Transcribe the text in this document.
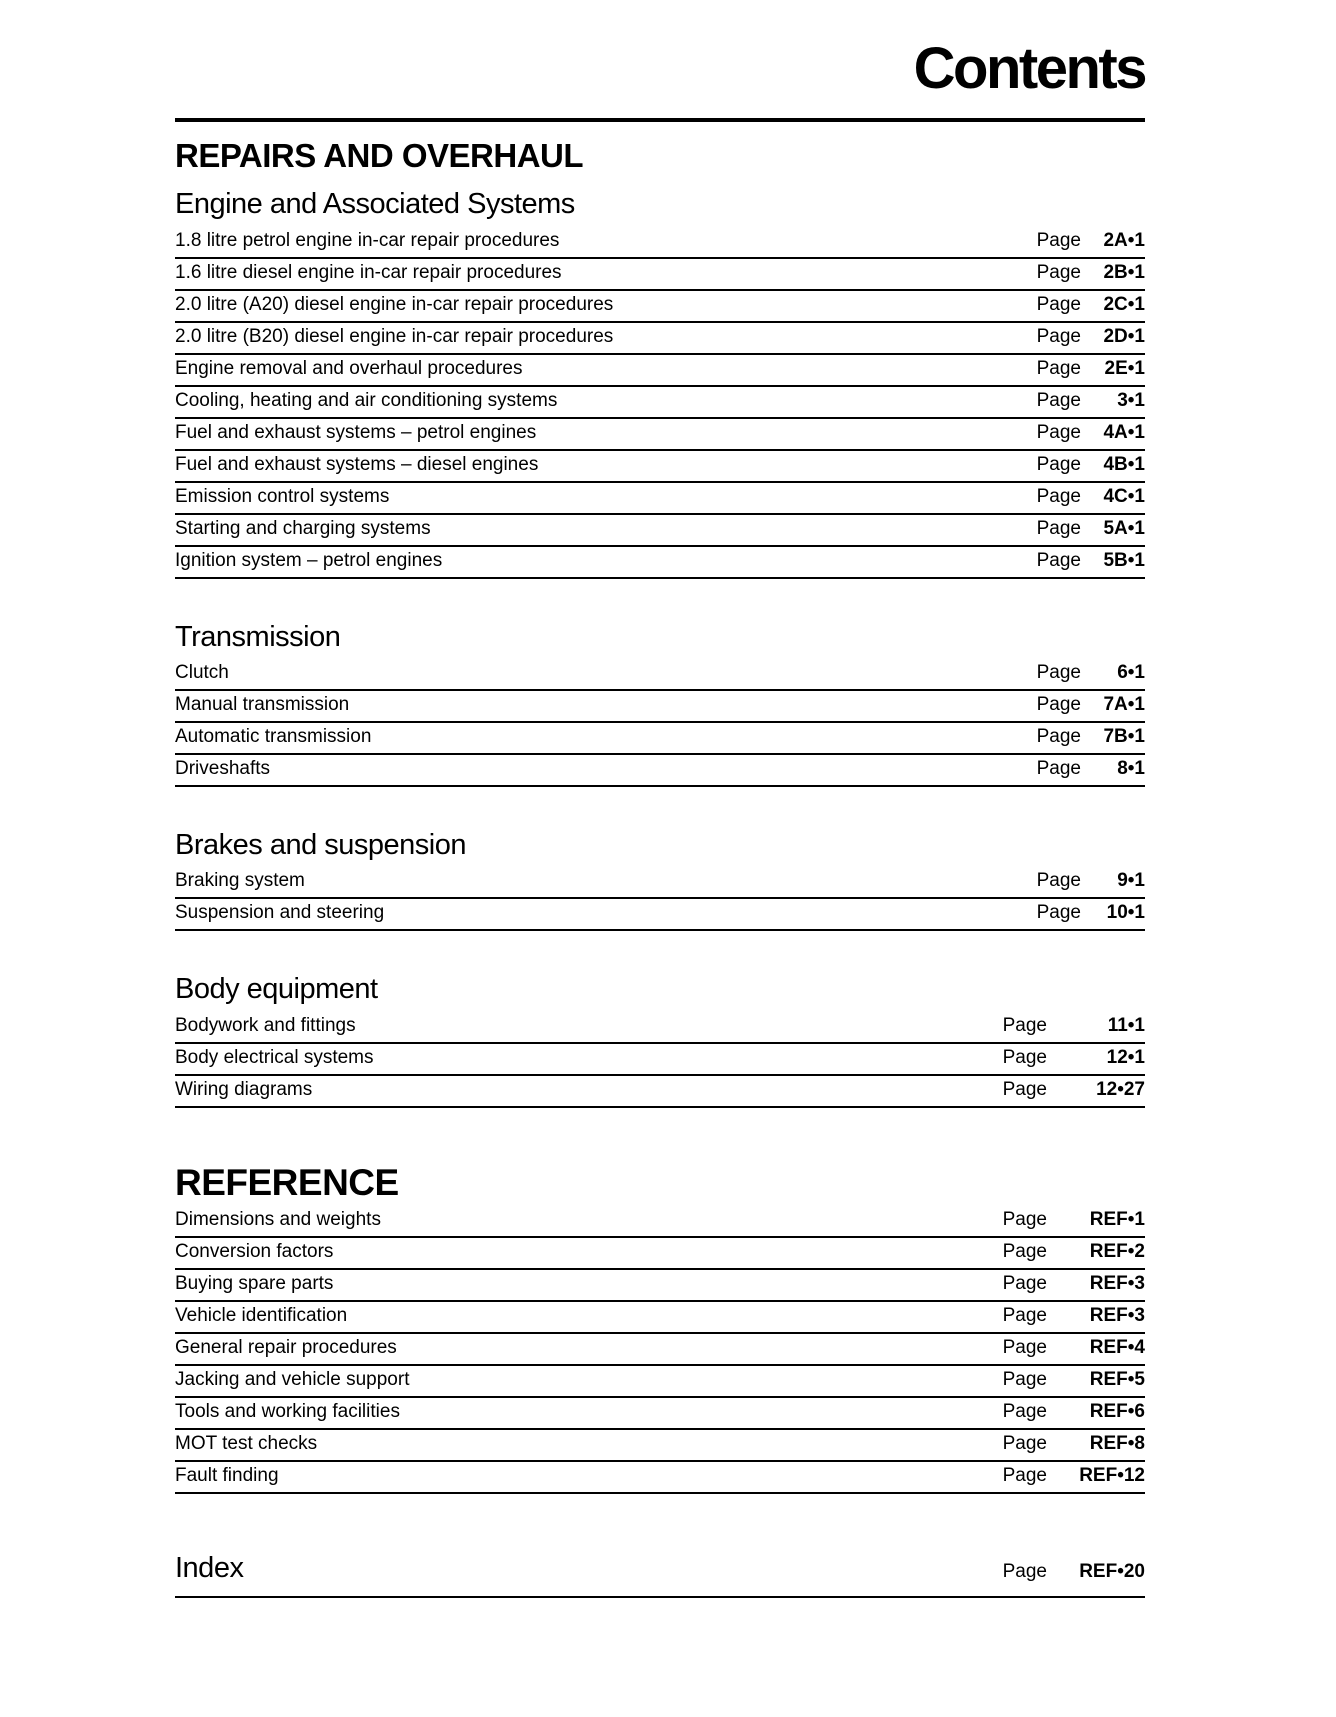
Contents
REPAIRS AND OVERHAUL
Engine and Associated Systems
1.8 litre petrol engine in-car repair procedures	Page	2A•1
1.6 litre diesel engine in-car repair procedures	Page	2B•1
2.0 litre (A20) diesel engine in-car repair procedures	Page	2C•1
2.0 litre (B20) diesel engine in-car repair procedures	Page	2D•1
Engine removal and overhaul procedures	Page	2E•1
Cooling, heating and air conditioning systems	Page	3•1
Fuel and exhaust systems – petrol engines	Page	4A•1
Fuel and exhaust systems – diesel engines	Page	4B•1
Emission control systems	Page	4C•1
Starting and charging systems	Page	5A•1
Ignition system – petrol engines	Page	5B•1
Transmission
Clutch	Page	6•1
Manual transmission	Page	7A•1
Automatic transmission	Page	7B•1
Driveshafts	Page	8•1
Brakes and suspension
Braking system	Page	9•1
Suspension and steering	Page	10•1
Body equipment
Bodywork and fittings	Page	11•1
Body electrical systems	Page	12•1
Wiring diagrams	Page	12•27
REFERENCE
Dimensions and weights	Page	REF•1
Conversion factors	Page	REF•2
Buying spare parts	Page	REF•3
Vehicle identification	Page	REF•3
General repair procedures	Page	REF•4
Jacking and vehicle support	Page	REF•5
Tools and working facilities	Page	REF•6
MOT test checks	Page	REF•8
Fault finding	Page	REF•12
Index	Page	REF•20
